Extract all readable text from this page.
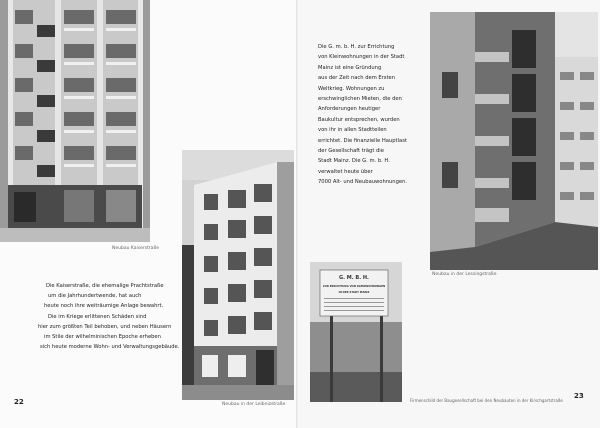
Neubau Kaiserstraße

Die Kaiserstraße, die ehemalige Prachtstraße

um die Jahrhundertwende, hat auch

heute noch ihre weiträumige Anlage bewahrt.

Die im Kriege erlittenen Schäden sind

hier zum größten Teil behoben, und neben Häusern

im Stile der wilhelminischen Epoche erheben

sich heute moderne Wohn- und Verwaltungsgebäude.

Neubau in der Leibnizstraße
22

Die G. m. b. H. zur Errichtung

von Kleinwohnungen in der Stadt

Mainz ist eine Gründung

aus der Zeit nach dem Ersten

Weltkrieg. Wohnungen zu

erschwinglichen Mieten, die den

Anforderungen heutiger

Baukultur entsprechen, wurden

von ihr in allen Stadtteilen

errichtet. Die finanzielle Hauptlast

der Gesellschaft trägt die

Stadt Mainz. Die G. m. b. H.

verwaltet heute über

7000 Alt- und Neubauwohnungen.

Neubau in der Lessingstraße
G. M. B. H.
ZUR ERRICHTUNG VON KLEINWOHNUNGEN
IN DER STADT MAINZ
Firmenschild der Baugesellschaft bei den Neubauten in der Kirschgartstraße
23
